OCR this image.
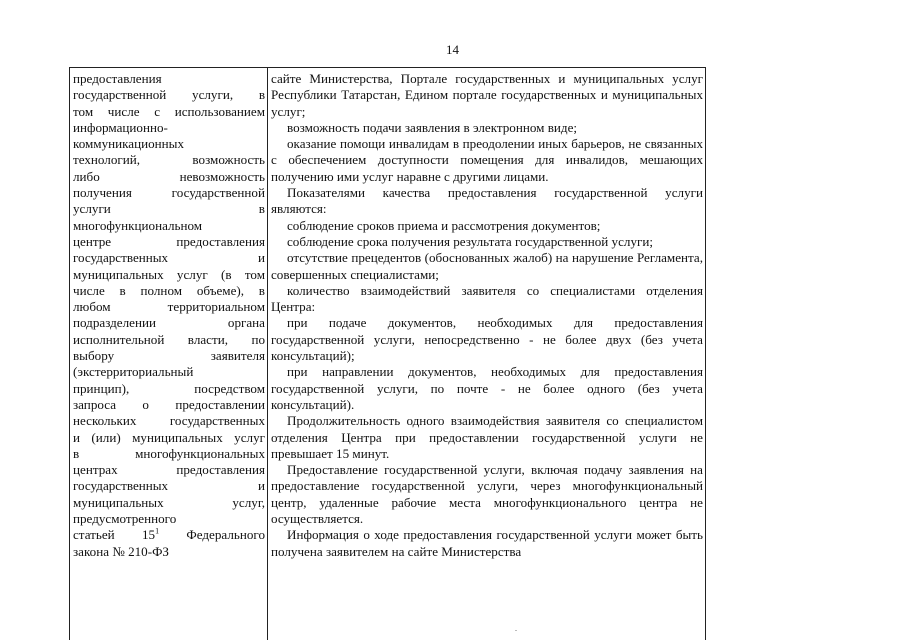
14
предоставления
государственной услуги, в
том числе с использованием
информационно-
коммуникационных
технологий, возможность
либо невозможность
получения государственной
услуги в
многофункциональном
центре предоставления
государственных и
муниципальных услуг (в том
числе в полном объеме), в
любом территориальном
подразделении органа
исполнительной власти, по
выбору заявителя
(экстерриториальный
принцип), посредством
запроса о предоставлении
нескольких государственных
и (или) муниципальных услуг
в многофункциональных
центрах предоставления
государственных и
муниципальных услуг,
предусмотренного
статьей $15^1$ Федерального
закона № 210-ФЗ

сайте Министерства, Портале государственных и муниципальных услуг Республики Татарстан, Едином портале государственных и муниципальных услуг;

возможность подачи заявления в электронном виде;

оказание помощи инвалидам в преодолении иных барьеров, не связанных с обеспечением доступности помещения для инвалидов, мешающих получению ими услуг наравне с другими лицами.

Показателями качества предоставления государственной услуги являются:

соблюдение сроков приема и рассмотрения документов;

соблюдение срока получения результата государственной услуги;

отсутствие прецедентов (обоснованных жалоб) на нарушение Регламента, совершенных специалистами;

количество взаимодействий заявителя со специалистами отделения Центра:

при подаче документов, необходимых для предоставления государственной услуги, непосредственно - не более двух (без учета консультаций);

при направлении документов, необходимых для предоставления государственной услуги, по почте - не более одного (без учета консультаций).

Продолжительность одного взаимодействия заявителя со специалистом отделения Центра при предоставлении государственной услуги не превышает 15 минут.

Предоставление государственной услуги, включая подачу заявления на предоставление государственной услуги, через многофункциональный центр, удаленные рабочие места многофункционального центра не осуществляется.

Информация о ходе предоставления государственной услуги может быть получена заявителем на сайте Министерства
